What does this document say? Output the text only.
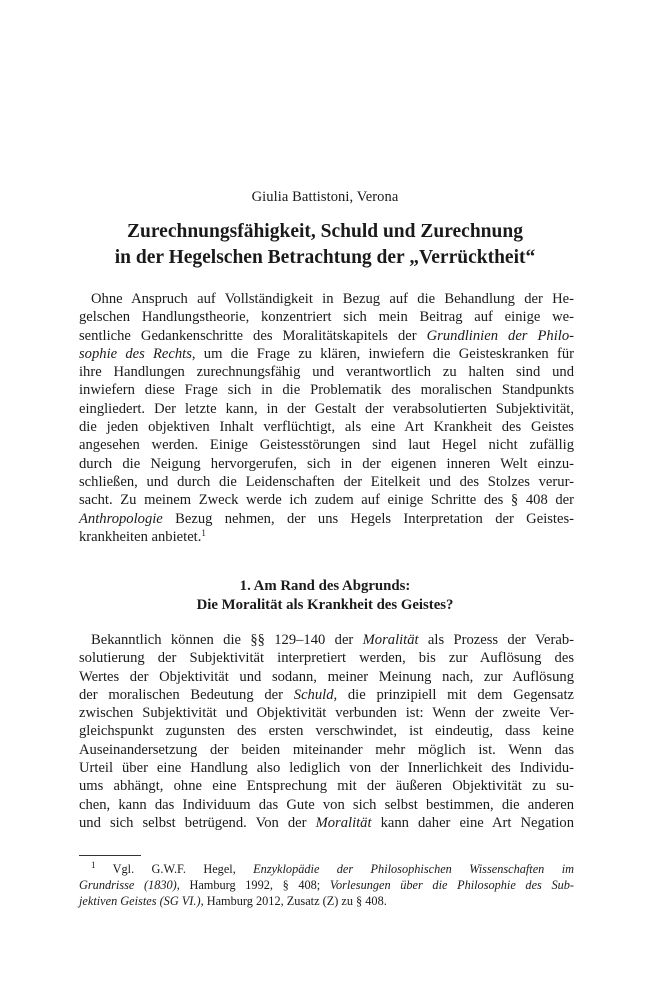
Giulia Battistoni, Verona
Zurechnungsfähigkeit, Schuld und Zurechnung
in der Hegelschen Betrachtung der „Verrücktheit“
Ohne Anspruch auf Vollständigkeit in Bezug auf die Behandlung der He-
gelschen Handlungstheorie, konzentriert sich mein Beitrag auf einige we-
sentliche Gedankenschritte des Moralitätskapitels der Grundlinien der Philo-
sophie des Rechts, um die Frage zu klären, inwiefern die Geisteskranken für
ihre Handlungen zurechnungsfähig und verantwortlich zu halten sind und
inwiefern diese Frage sich in die Problematik des moralischen Standpunkts
eingliedert. Der letzte kann, in der Gestalt der verabsolutierten Subjektivität,
die jeden objektiven Inhalt verflüchtigt, als eine Art Krankheit des Geistes
angesehen werden. Einige Geistesstörungen sind laut Hegel nicht zufällig
durch die Neigung hervorgerufen, sich in der eigenen inneren Welt einzu-
schließen, und durch die Leidenschaften der Eitelkeit und des Stolzes verur-
sacht. Zu meinem Zweck werde ich zudem auf einige Schritte des § 408 der
Anthropologie Bezug nehmen, der uns Hegels Interpretation der Geistes-
krankheiten anbietet.$^1$
1. Am Rand des Abgrunds:
Die Moralität als Krankheit des Geistes?
Bekanntlich können die §§ 129–140 der Moralität als Prozess der Verab-
solutierung der Subjektivität interpretiert werden, bis zur Auflösung des
Wertes der Objektivität und sodann, meiner Meinung nach, zur Auflösung
der moralischen Bedeutung der Schuld, die prinzipiell mit dem Gegensatz
zwischen Subjektivität und Objektivität verbunden ist: Wenn der zweite Ver-
gleichspunkt zugunsten des ersten verschwindet, ist eindeutig, dass keine
Auseinandersetzung der beiden miteinander mehr möglich ist. Wenn das
Urteil über eine Handlung also lediglich von der Innerlichkeit des Individu-
ums abhängt, ohne eine Entsprechung mit der äußeren Objektivität zu su-
chen, kann das Individuum das Gute von sich selbst bestimmen, die anderen
und sich selbst betrügend. Von der Moralität kann daher eine Art Negation
$^1$ Vgl. G.W.F. Hegel, Enzyklopädie der Philosophischen Wissenschaften im
Grundrisse (1830), Hamburg 1992, § 408; Vorlesungen über die Philosophie des Sub-
jektiven Geistes (SG VI.), Hamburg 2012, Zusatz (Z) zu § 408.
